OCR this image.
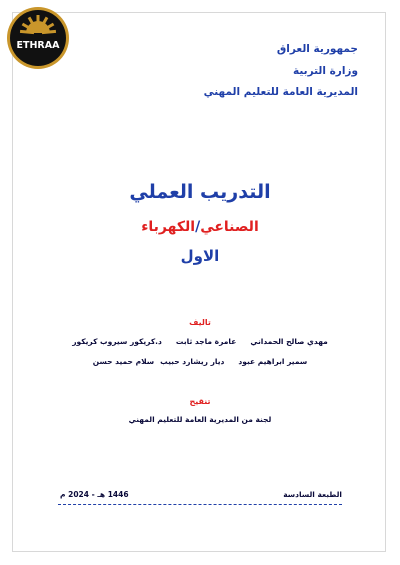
ETHRAA	جمهورية العراق
وزارة التربية
المديرية العامة للتعليم المهني
التدريب العملي
الصناعي/الكهرباء
الاول
تاليف
مهدي صالح الحمدانيعامرة ماجد ثابتد.كريكور سيروب كريكور
سمير ابراهيم عبودديار ريشارد حبيبسلام حميد حسن
تنقيح
لجنة من المديرية العامة للتعليم المهني
الطبعة السادسة
1446 هـ - 2024 م
